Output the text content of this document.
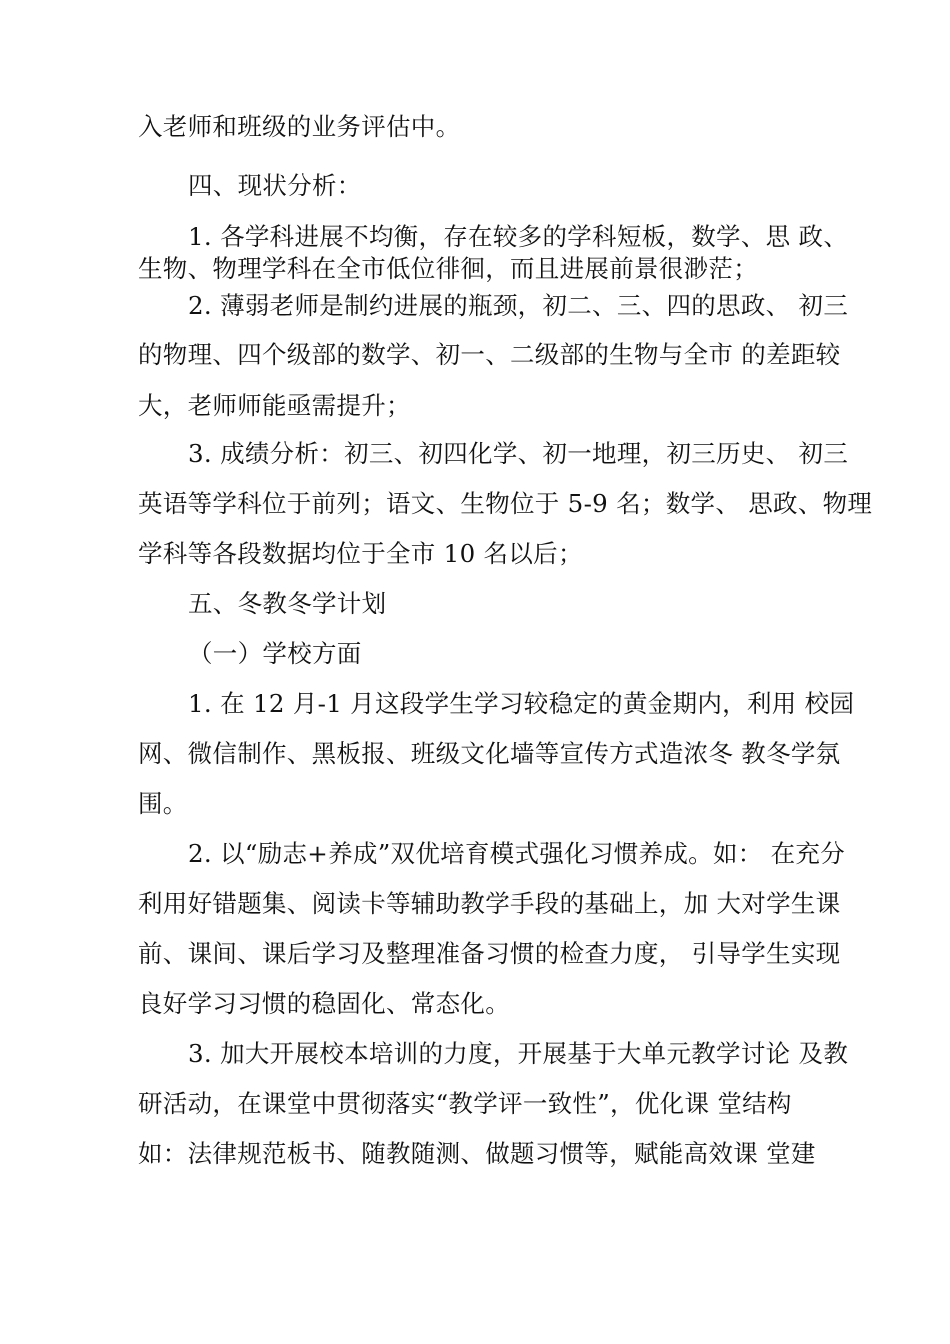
入老师和班级的业务评估中。
四、现状分析：
1. 各学科进展不均衡，存在较多的学科短板，数学、思 政、
生物、物理学科在全市低位徘徊，而且进展前景很渺茫；
2. 薄弱老师是制约进展的瓶颈，初二、三、四的思政、 初三
的物理、四个级部的数学、初一、二级部的生物与全市 的差距较
大，老师师能亟需提升；
3. 成绩分析：初三、初四化学、初一地理，初三历史、 初三
英语等学科位于前列；语文、生物位于 5-9 名；数学、 思政、物理
学科等各段数据均位于全市 10 名以后；
五、冬教冬学计划
（一）学校方面
1. 在 12 月-1 月这段学生学习较稳定的黄金期内，利用 校园
网、微信制作、黑板报、班级文化墙等宣传方式造浓冬 教冬学氛
围。
2. 以“励志+养成”双优培育模式强化习惯养成。如： 在充分
利用好错题集、阅读卡等辅助教学手段的基础上，加 大对学生课
前、课间、课后学习及整理准备习惯的检查力度， 引导学生实现
良好学习习惯的稳固化、常态化。
3. 加大开展校本培训的力度，开展基于大单元教学讨论 及教
研活动，在课堂中贯彻落实“教学评一致性”，优化课 堂结构
如：法律规范板书、随教随测、做题习惯等，赋能高效课 堂建
